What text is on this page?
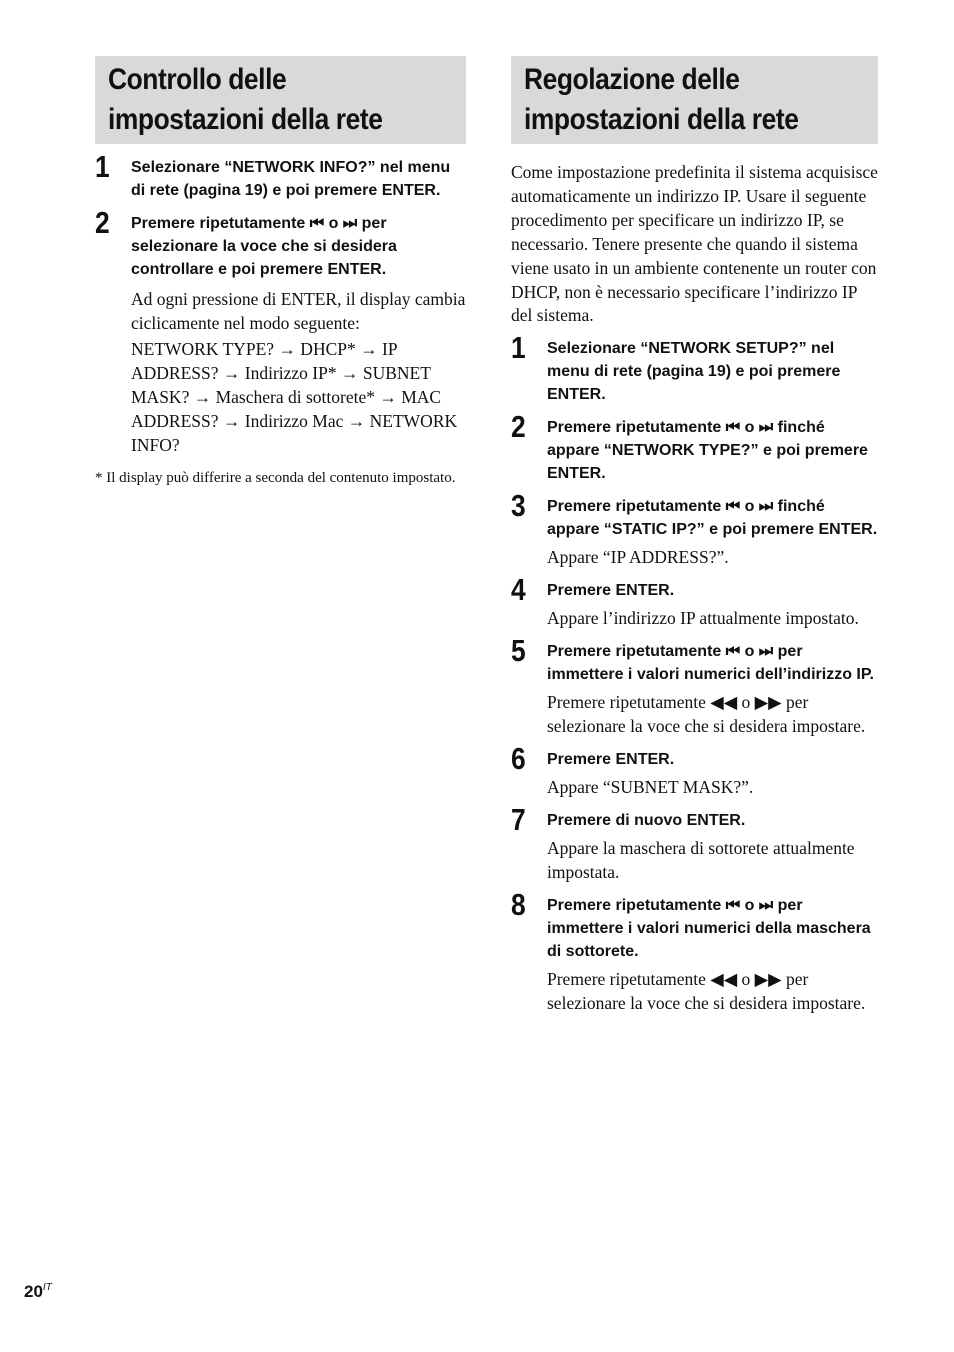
Controllo delle
impostazioni della rete
1 Selezionare “NETWORK INFO?” nel menu di rete (pagina 19) e poi premere ENTER.

2 Premere ripetutamente ⏮ o ⏭ per selezionare la voce che si desidera controllare e poi premere ENTER.

Ad ogni pressione di ENTER, il display cambia ciclicamente nel modo seguente:

NETWORK TYPE? → DHCP* → IP ADDRESS? → Indirizzo IP* → SUBNET MASK? → Maschera di sottorete* → MAC ADDRESS? → Indirizzo Mac → NETWORK INFO?

* Il display può differire a seconda del contenuto impostato.

Regolazione delle
impostazioni della rete

Come impostazione predefinita il sistema acquisisce automaticamente un indirizzo IP. Usare il seguente procedimento per specificare un indirizzo IP, se necessario. Tenere presente che quando il sistema viene usato in un ambiente contenente un router con DHCP, non è necessario specificare l’indirizzo IP del sistema.

1 Selezionare “NETWORK SETUP?” nel menu di rete (pagina 19) e poi premere ENTER.

2 Premere ripetutamente ⏮ o ⏭ finché appare “NETWORK TYPE?” e poi premere ENTER.

3 Premere ripetutamente ⏮ o ⏭ finché appare “STATIC IP?” e poi premere ENTER.

Appare “IP ADDRESS?”.

4 Premere ENTER.

Appare l’indirizzo IP attualmente impostato.

5 Premere ripetutamente ⏮ o ⏭ per immettere i valori numerici dell’indirizzo IP.

Premere ripetutamente ◀◀ o ▶▶ per selezionare la voce che si desidera impostare.

6 Premere ENTER.

Appare “SUBNET MASK?”.

7 Premere di nuovo ENTER.

Appare la maschera di sottorete attualmente impostata.

8 Premere ripetutamente ⏮ o ⏭ per immettere i valori numerici della maschera di sottorete.

Premere ripetutamente ◀◀ o ▶▶ per selezionare la voce che si desidera impostare.

$20^{IT}$
